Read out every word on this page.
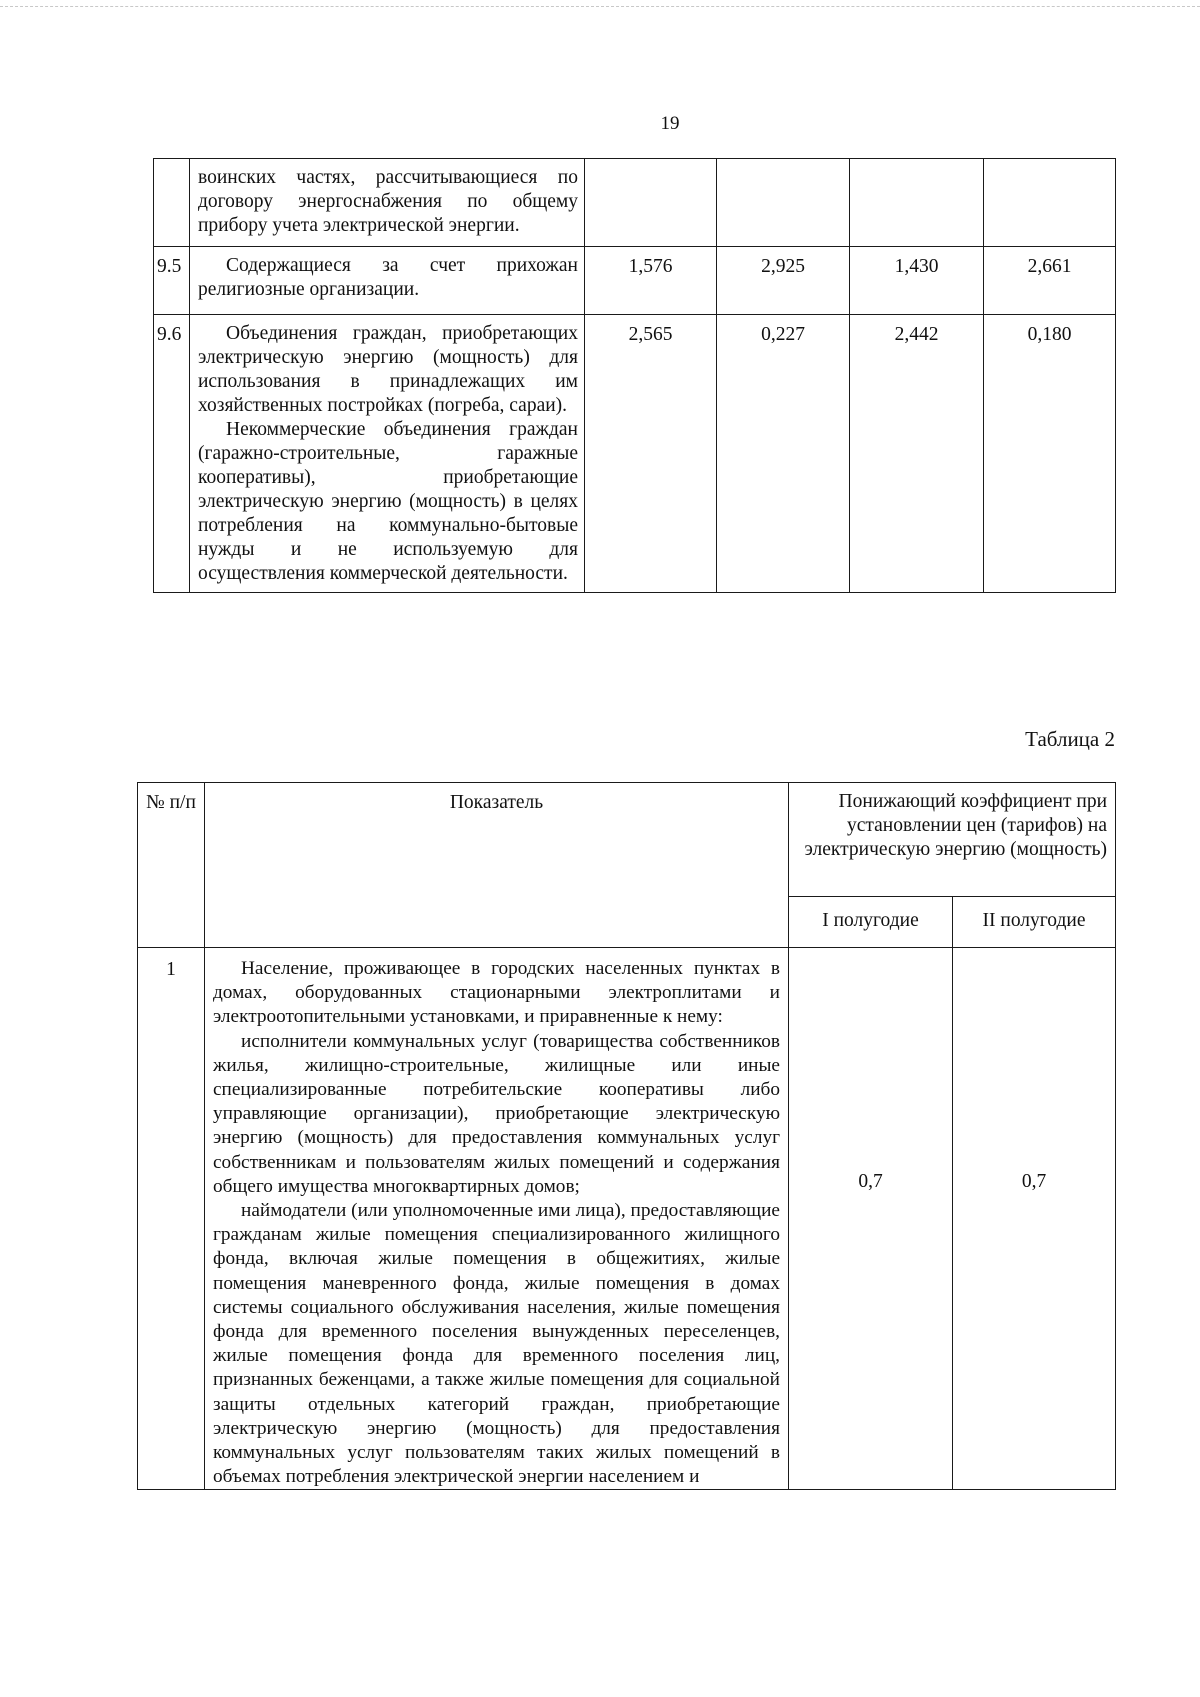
19
	воинских частях, рассчитывающиеся по договору энергоснабжения по общему прибору учета электрической энергии.				
9.5	Содержащиеся за счет прихожан религиозные организации.	1,576	2,925	1,430	2,661
9.6	Объединения граждан, приобретающих электрическую энергию (мощность) для использования в принадлежащих им хозяйственных постройках (погреба, сараи).
Некоммерческие объединения граждан (гаражно-строительные, гаражные кооперативы), приобретающие электрическую энергию (мощность) в целях потребления на коммунально-бытовые нужды и не используемую для осуществления коммерческой деятельности.	2,565	0,227	2,442	0,180
Таблица 2
№ п/п	Показатель	Понижающий коэффициент при установлении цен (тарифов) на электрическую энергию (мощность)	
		I полугодие	II полугодие
1	Население, проживающее в городских населенных пунктах в домах, оборудованных стационарными электроплитами и электроотопительными установками, и приравненные к нему:
исполнители коммунальных услуг (товарищества собственников жилья, жилищно-строительные, жилищные или иные специализированные потребительские кооперативы либо управляющие организации), приобретающие электрическую энергию (мощность) для предоставления коммунальных услуг собственникам и пользователям жилых помещений и содержания общего имущества многоквартирных домов;
наймодатели (или уполномоченные ими лица), предоставляющие гражданам жилые помещения специализированного жилищного фонда, включая жилые помещения в общежитиях, жилые помещения маневренного фонда, жилые помещения в домах системы социального обслуживания населения, жилые помещения фонда для временного поселения вынужденных переселенцев, жилые помещения фонда для временного поселения лиц, признанных беженцами, а также жилые помещения для социальной защиты отдельных категорий граждан, приобретающие электрическую энергию (мощность) для предоставления коммунальных услуг пользователям таких жилых помещений в объемах потребления электрической энергии населением и	0,7	0,7
